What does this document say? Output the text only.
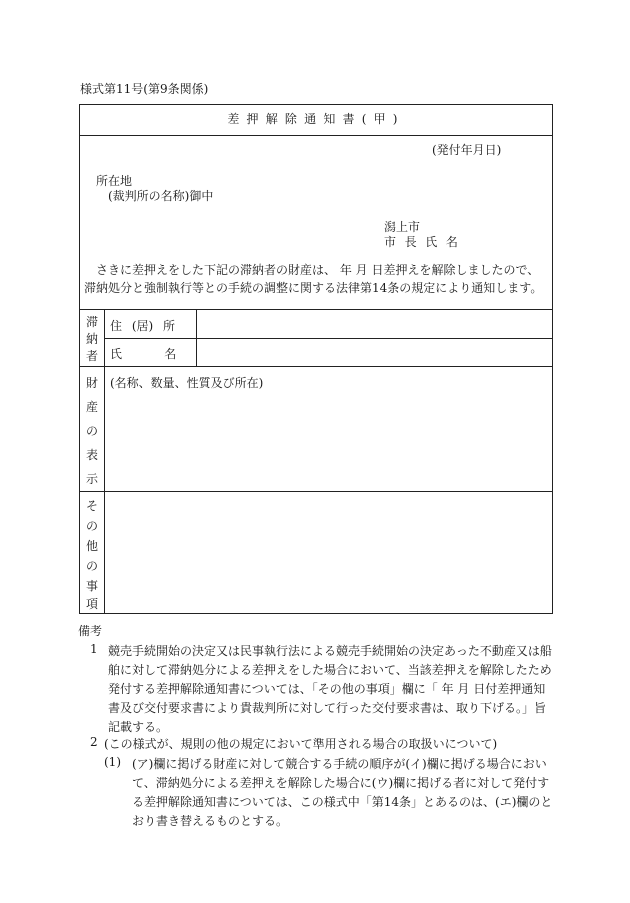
様式第11号(第9条関係)
差押解除通知書(甲)
(発付年月日)
所在地
(裁判所の名称)御中
潟上市
市 長 氏 名
さきに差押えをした下記の滞納者の財産は、 年 月 日差押えを解除しましたので、滞納処分と強制執行等との手続の調整に関する法律第14条の規定により通知します。
滞
納
者
住 (居) 所
氏 名
財
産
の
表
示
(名称、数量、性質及び所在)
そ
の
他
の
事
項
備考
1 競売手続開始の決定又は民事執行法による競売手続開始の決定あった不動産又は船舶に対して滞納処分による差押えをした場合において、当該差押えを解除したため発付する差押解除通知書については、「その他の事項」欄に「 年 月 日付差押通知書及び交付要求書により貴裁判所に対して行った交付要求書は、取り下げる。」旨記載する。
2 (この様式が、規則の他の規定において準用される場合の取扱いについて)
(1) (ア)欄に掲げる財産に対して競合する手続の順序が(イ)欄に掲げる場合において、滞納処分による差押えを解除した場合に(ウ)欄に掲げる者に対して発付する差押解除通知書については、この様式中「第14条」とあるのは、(エ)欄のとおり書き替えるものとする。
